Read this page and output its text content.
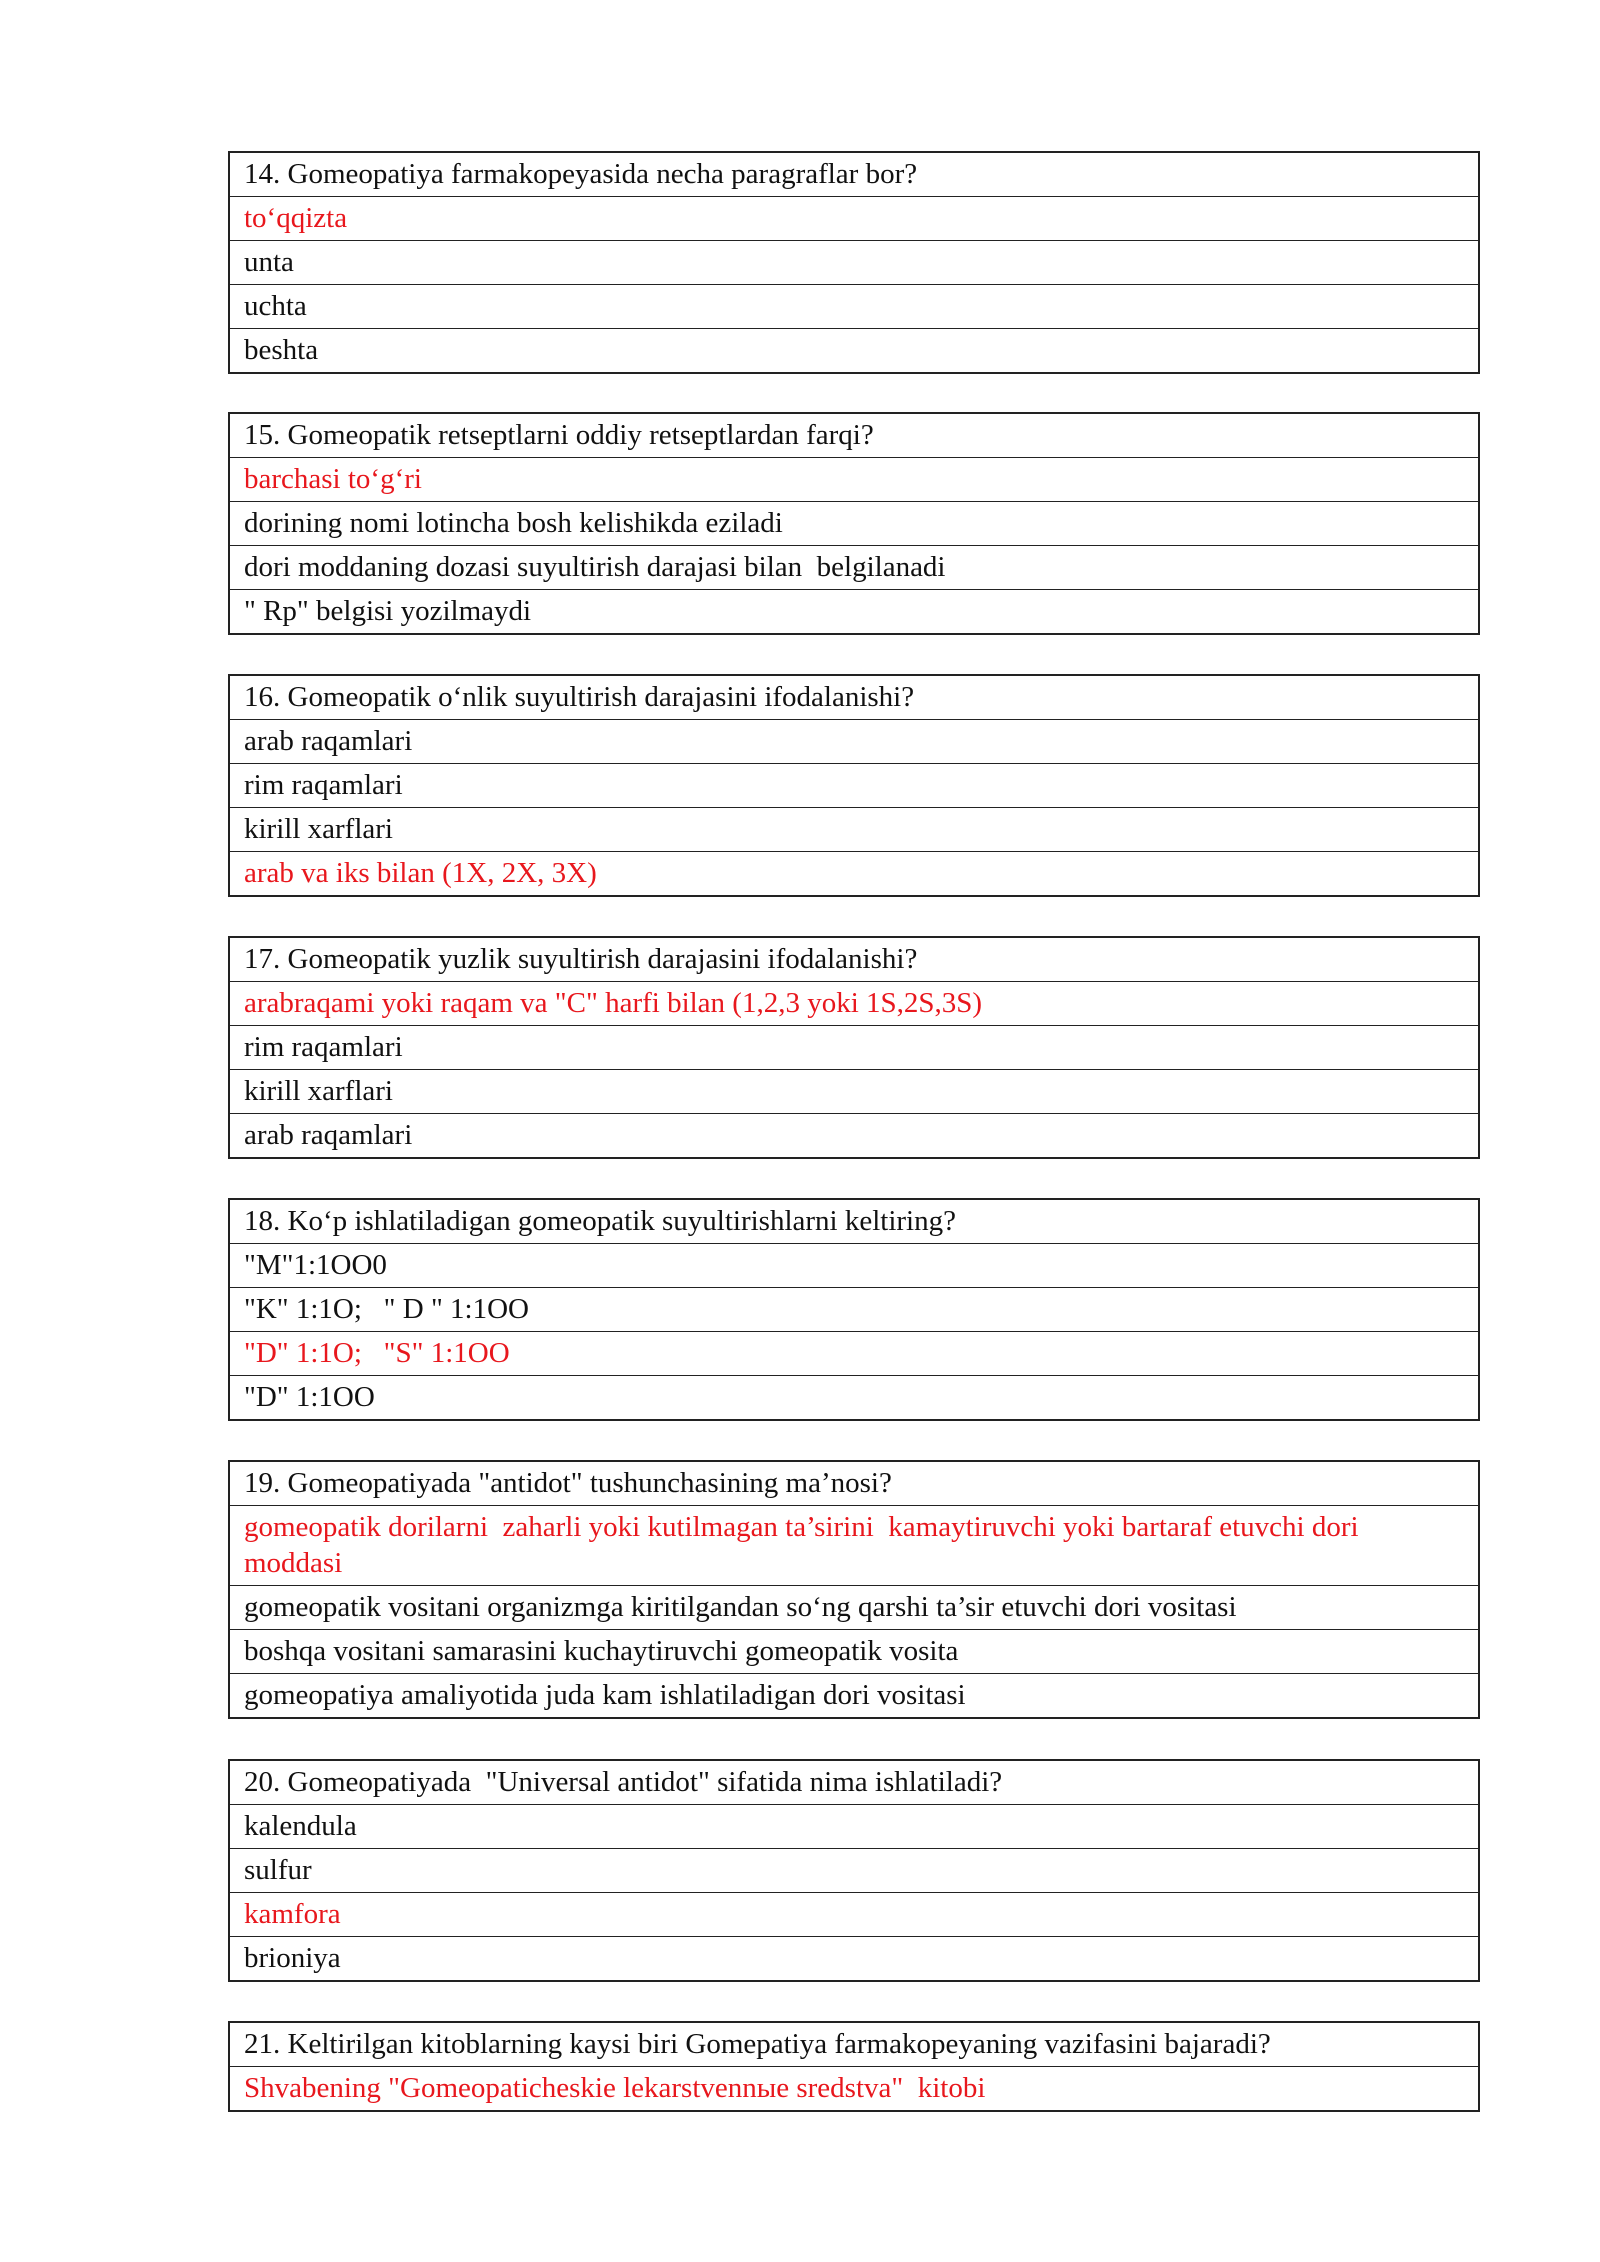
14. Gomeopatiya farmakopeyasida necha paragraflar bor?
to‘qqizta
unta
uchta
beshta
15. Gomeopatik retseptlarni oddiy retseptlardan farqi?
barchasi to‘g‘ri
dorining nomi lotincha bosh kelishikda eziladi
dori moddaning dozasi suyultirish darajasi bilan  belgilanadi
" Rp" belgisi yozilmaydi
16. Gomeopatik o‘nlik suyultirish darajasini ifodalanishi?
arab raqamlari
rim raqamlari
kirill xarflari
arab va iks bilan (1X, 2X, 3X)
17. Gomeopatik yuzlik suyultirish darajasini ifodalanishi?
arabraqami yoki raqam va "C" harfi bilan (1,2,3 yoki 1S,2S,3S)
rim raqamlari
kirill xarflari
arab raqamlari
18. Ko‘p ishlatiladigan gomeopatik suyultirishlarni keltiring?
"M"1:1OO0
"K" 1:1O;   " D " 1:1OO
"D" 1:1O;   "S" 1:1OO
"D" 1:1OO
19. Gomeopatiyada "antidot" tushunchasining ma’nosi?
gomeopatik dorilarni  zaharli yoki kutilmagan ta’sirini  kamaytiruvchi yoki bartaraf etuvchi dori moddasi
gomeopatik vositani organizmga kiritilgandan so‘ng qarshi ta’sir etuvchi dori vositasi
boshqa vositani samarasini kuchaytiruvchi gomeopatik vosita
gomeopatiya amaliyotida juda kam ishlatiladigan dori vositasi
20. Gomeopatiyada  "Universal antidot" sifatida nima ishlatiladi?
kalendula
sulfur
kamfora
brioniya
21. Keltirilgan kitoblarning kaysi biri Gomepatiya farmakopeyaning vazifasini bajaradi?
Shvabening "Gomeopaticheskie lekarstvennыe sredstva"  kitobi
